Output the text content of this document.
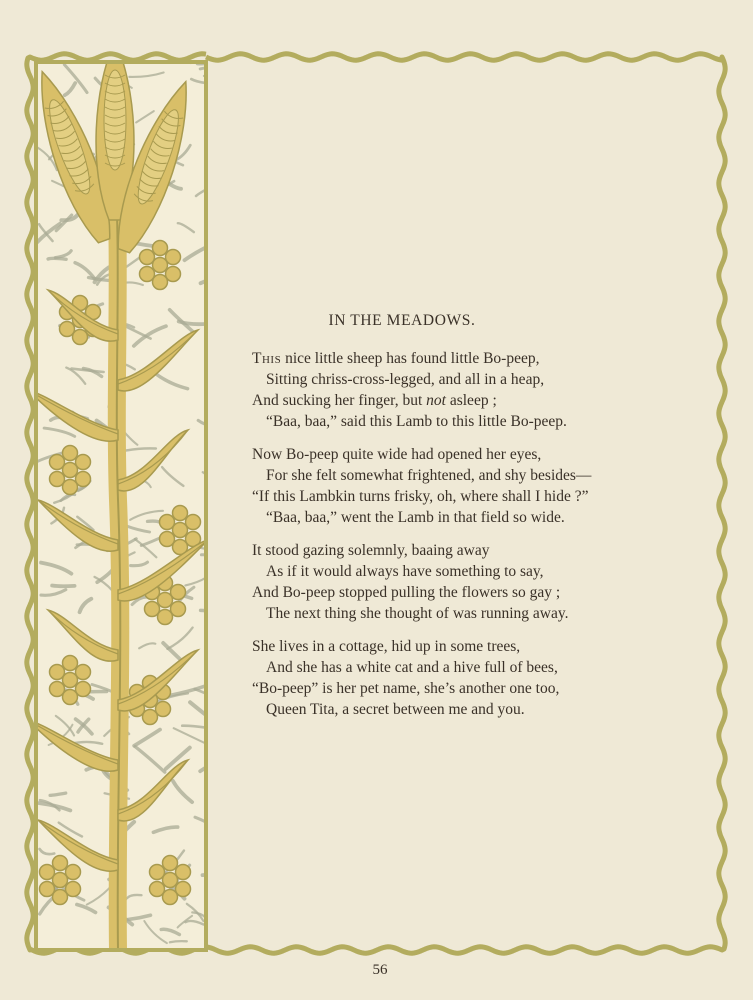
IN THE MEADOWS.
This nice little sheep has found little Bo-peep,
Sitting chriss-cross-legged, and all in a heap,
And sucking her finger, but not asleep ;
“Baa, baa,” said this Lamb to this little Bo-peep.
Now Bo-peep quite wide had opened her eyes,
For she felt somewhat frightened, and shy besides—
“If this Lambkin turns frisky, oh, where shall I hide ?”
“Baa, baa,” went the Lamb in that field so wide.
It stood gazing solemnly, baaing away
As if it would always have something to say,
And Bo-peep stopped pulling the flowers so gay ;
The next thing she thought of was running away.
She lives in a cottage, hid up in some trees,
And she has a white cat and a hive full of bees,
“Bo-peep” is her pet name, she’s another one too,
Queen Tita, a secret between me and you.
56
